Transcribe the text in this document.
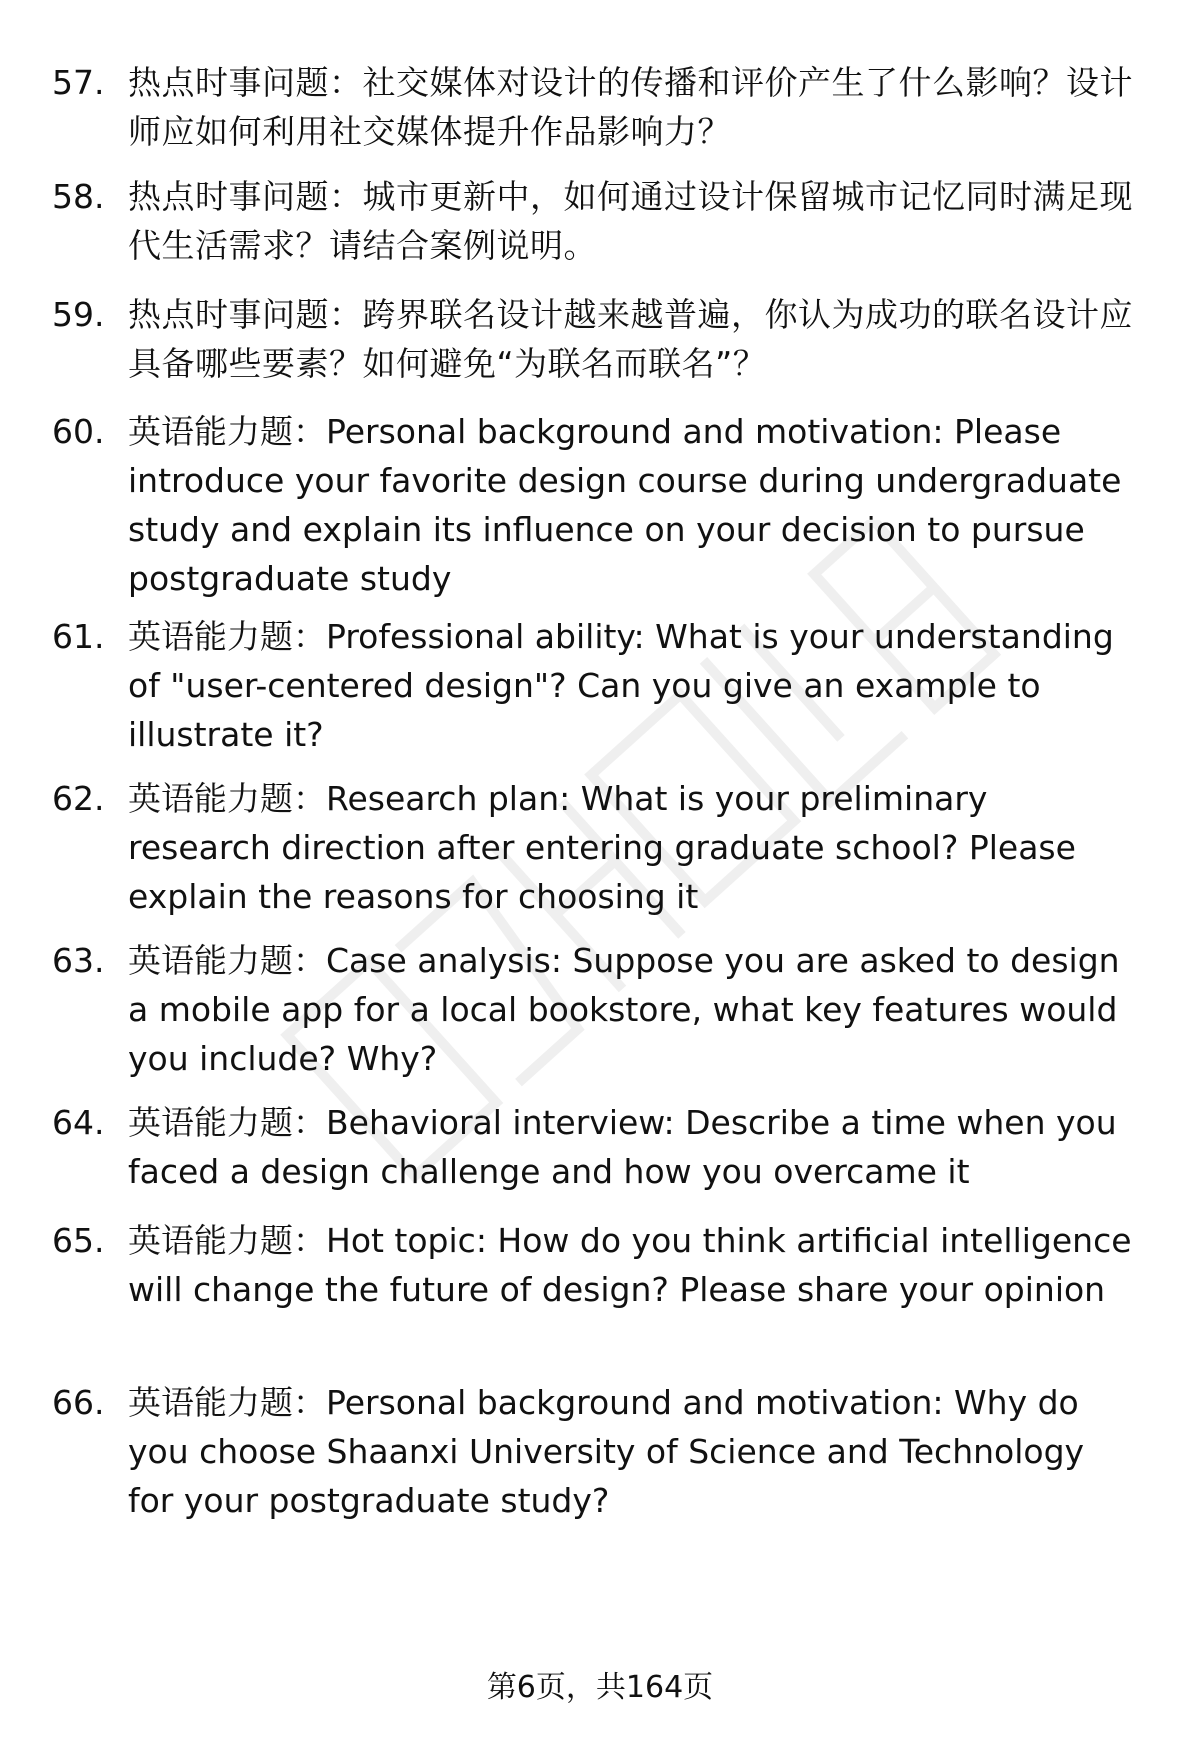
57. 热点时事问题：社交媒体对设计的传播和评价产生了什么影响？设计师应如何利用社交媒体提升作品影响力？
58. 热点时事问题：城市更新中，如何通过设计保留城市记忆同时满足现代生活需求？请结合案例说明。
59. 热点时事问题：跨界联名设计越来越普遍，你认为成功的联名设计应具备哪些要素？如何避免“为联名而联名”？
60. 英语能力题：Personal background and motivation: Please introduce your favorite design course during undergraduate study and explain its influence on your decision to pursue postgraduate study
61. 英语能力题：Professional ability: What is your understanding of "user-centered design"? Can you give an example to illustrate it?
62. 英语能力题：Research plan: What is your preliminary research direction after entering graduate school? Please explain the reasons for choosing it
63. 英语能力题：Case analysis: Suppose you are asked to design a mobile app for a local bookstore, what key features would you include? Why?
64. 英语能力题：Behavioral interview: Describe a time when you faced a design challenge and how you overcame it
65. 英语能力题：Hot topic: How do you think artificial intelligence will change the future of design? Please share your opinion
66. 英语能力题：Personal background and motivation: Why do you choose Shaanxi University of Science and Technology for your postgraduate study?
第6页，共164页
